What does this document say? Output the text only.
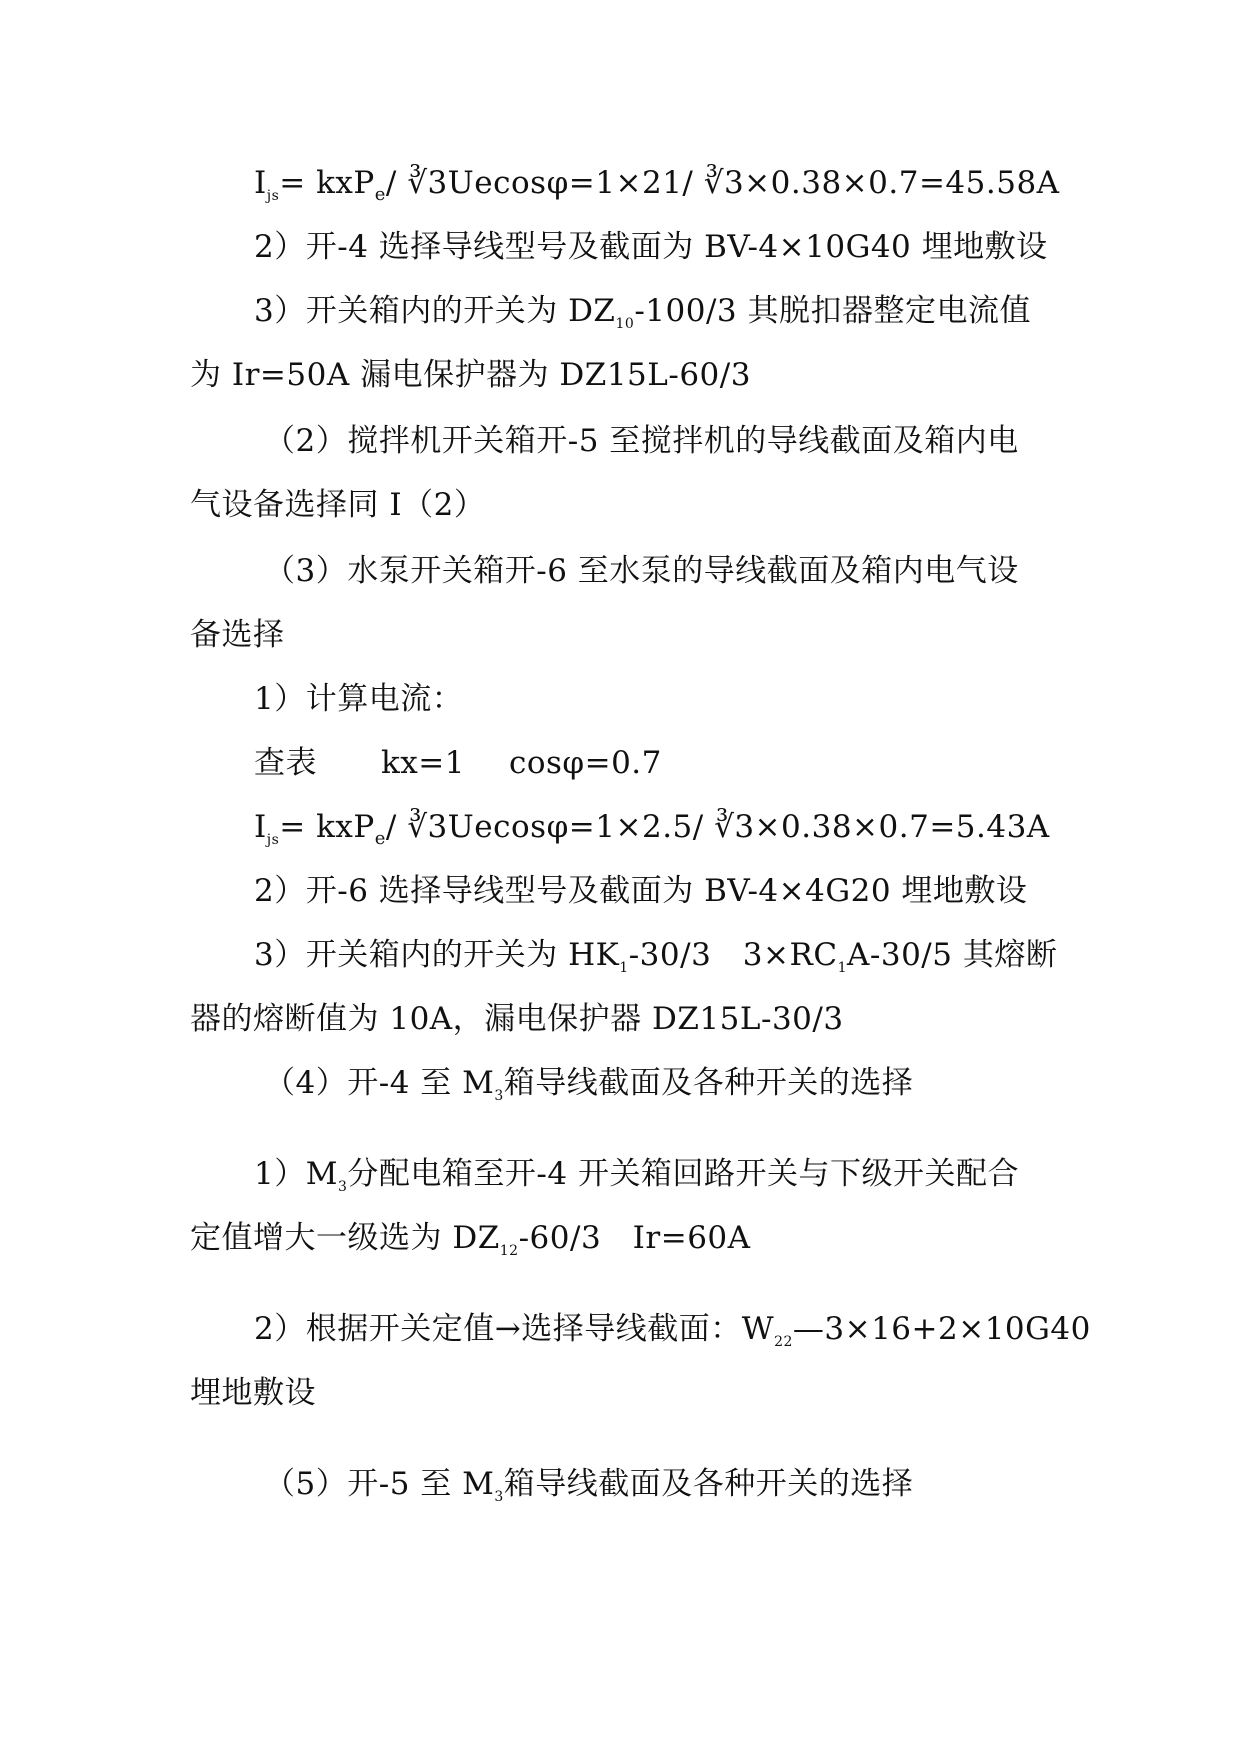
$I_{js}= kxP_e/$ ∛3Uecosφ=1×21/ ∛3×0.38×0.7=45.58A
2）开-4 选择导线型号及截面为 BV-4×10G40 埋地敷设
3）开关箱内的开关为 $DZ_{10}-100/3$ 其脱扣器整定电流值
为 Ir=50A 漏电保护器为 DZ15L-60/3
（2）搅拌机开关箱开-5 至搅拌机的导线截面及箱内电
气设备选择同 I（2）
（3）水泵开关箱开-6 至水泵的导线截面及箱内电气设
备选择
1）计算电流：
查表 kx=1 cosφ=0.7
$I_{js}= kxP_e/$ ∛3Uecosφ=1×2.5/ ∛3×0.38×0.7=5.43A
2）开-6 选择导线型号及截面为 BV-4×4G20 埋地敷设
3）开关箱内的开关为 $HK_1-30/3$　$3\times RC_1A-30/5$ 其熔断
器的熔断值为 10A，漏电保护器 DZ15L-30/3
（4）开-4 至 $M_3$箱导线截面及各种开关的选择
$1)M_3$分配电箱至开-4 开关箱回路开关与下级开关配合
定值增大一级选为 $DZ_{12}-60/3$　Ir=60A
2）根据开关定值→选择导线截面：$W_{22}—3\times 16+2\times 10G40$
埋地敷设
（5）开-5 至 $M_3$箱导线截面及各种开关的选择
